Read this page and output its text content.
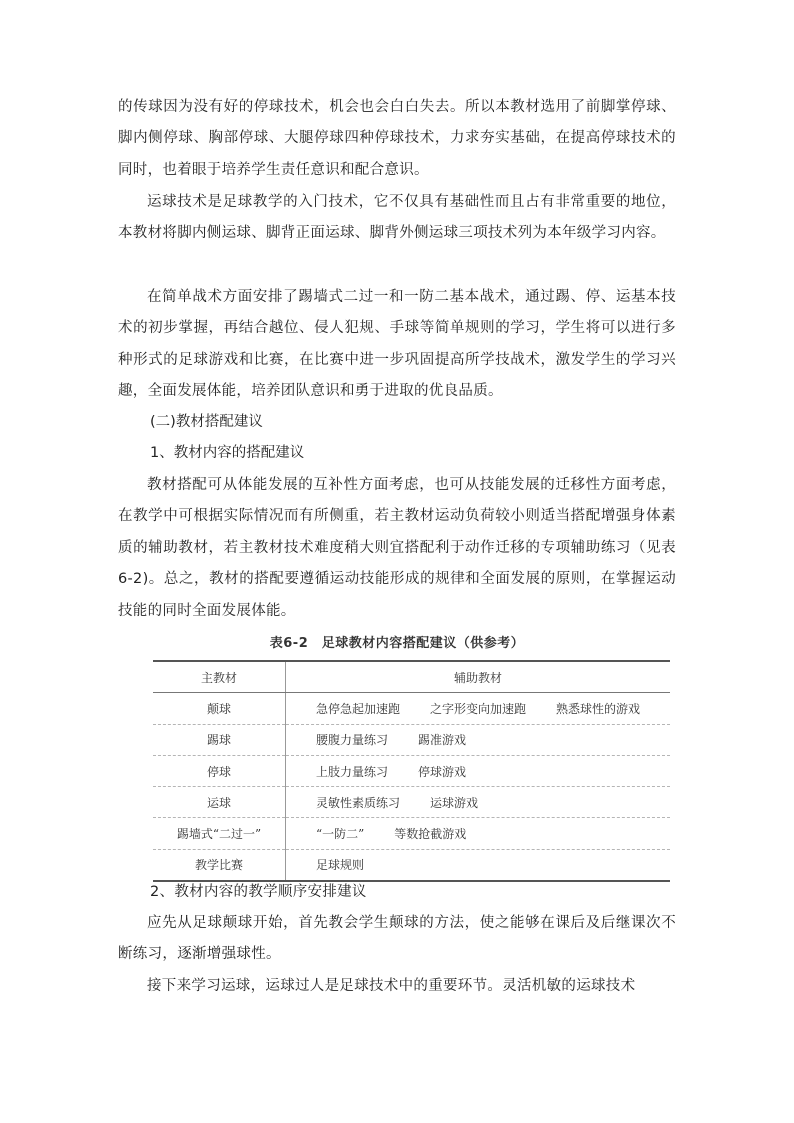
的传球因为没有好的停球技术，机会也会白白失去。所以本教材选用了前脚掌停球、脚内侧停球、胸部停球、大腿停球四种停球技术，力求夯实基础，在提高停球技术的同时，也着眼于培养学生责任意识和配合意识。

运球技术是足球教学的入门技术，它不仅具有基础性而且占有非常重要的地位，本教材将脚内侧运球、脚背正面运球、脚背外侧运球三项技术列为本年级学习内容。

在简单战术方面安排了踢墙式二过一和一防二基本战术，通过踢、停、运基本技术的初步掌握，再结合越位、侵人犯规、手球等简单规则的学习，学生将可以进行多种形式的足球游戏和比赛，在比赛中进一步巩固提高所学技战术，激发学生的学习兴趣，全面发展体能，培养团队意识和勇于进取的优良品质。

(二)教材搭配建议

1、教材内容的搭配建议

教材搭配可从体能发展的互补性方面考虑，也可从技能发展的迁移性方面考虑，在教学中可根据实际情况而有所侧重，若主教材运动负荷较小则适当搭配增强身体素质的辅助教材，若主教材技术难度稍大则宜搭配利于动作迁移的专项辅助练习（见表6-2)。总之，教材的搭配要遵循运动技能形成的规律和全面发展的原则，在掌握运动技能的同时全面发展体能。

表6-2　足球教材内容搭配建议（供参考）
主教材	辅助教材
颠球	急停急起加速跑 之字形变向加速跑 熟悉球性的游戏
踢球	腰腹力量练习 踢准游戏
停球	上肢力量练习 停球游戏
运球	灵敏性素质练习 运球游戏
踢墙式“二过一”	“一防二” 等数抢截游戏
教学比赛	足球规则

2、教材内容的教学顺序安排建议

应先从足球颠球开始，首先教会学生颠球的方法，使之能够在课后及后继课次不断练习，逐渐增强球性。

接下来学习运球，运球过人是足球技术中的重要环节。灵活机敏的运球技术
